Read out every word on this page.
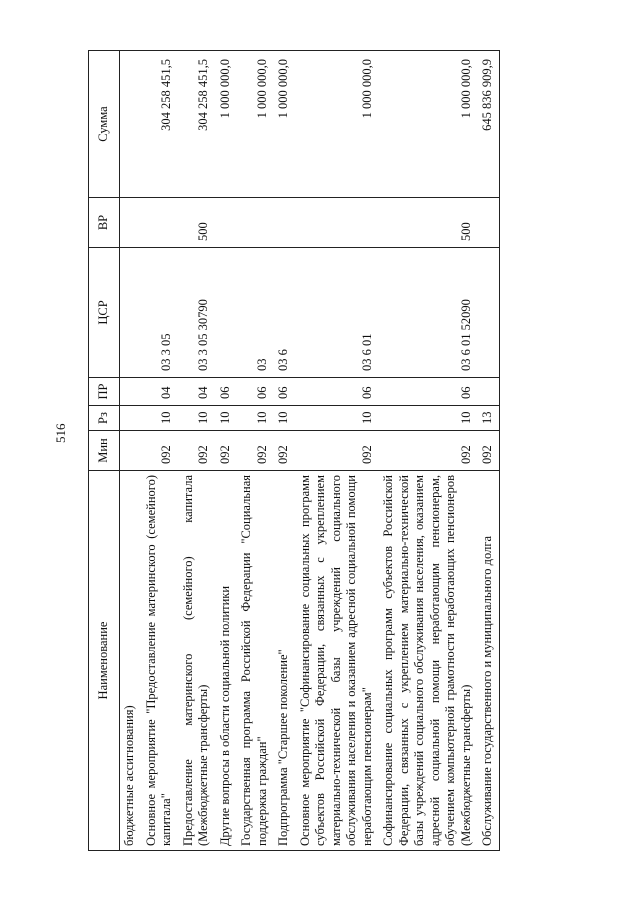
516
Наименование	Мин	Рз	ПР	ЦСР	ВР	Сумма
бюджетные ассигнования)						
Основное мероприятие "Предоставление материнского (семейного) капитала"	092	10	04	03 3 05		304 258 451,5
Предоставление материнского (семейного) капитала (Межбюджетные трансферты)	092	10	04	03 3 05 30790	500	304 258 451,5
Другие вопросы в области социальной политики	092	10	06			1 000 000,0
Государственная программа Российской Федерации "Социальная поддержка граждан"	092	10	06	03		1 000 000,0
Подпрограмма "Старшее поколение"	092	10	06	03 6		1 000 000,0
Основное мероприятие "Софинансирование социальных программ субъектов Российской Федерации, связанных с укреплением материально-технической базы учреждений социального обслуживания населения и оказанием адресной социальной помощи неработающим пенсионерам"	092	10	06	03 6 01		1 000 000,0
Софинансирование социальных программ субъектов Российской Федерации, связанных с укреплением материально-технической базы учреждений социального обслуживания населения, оказанием адресной социальной помощи неработающим пенсионерам, обучением компьютерной грамотности неработающих пенсионеров (Межбюджетные трансферты)	092	10	06	03 6 01 52090	500	1 000 000,0
Обслуживание государственного и муниципального долга	092	13				645 836 909,9
